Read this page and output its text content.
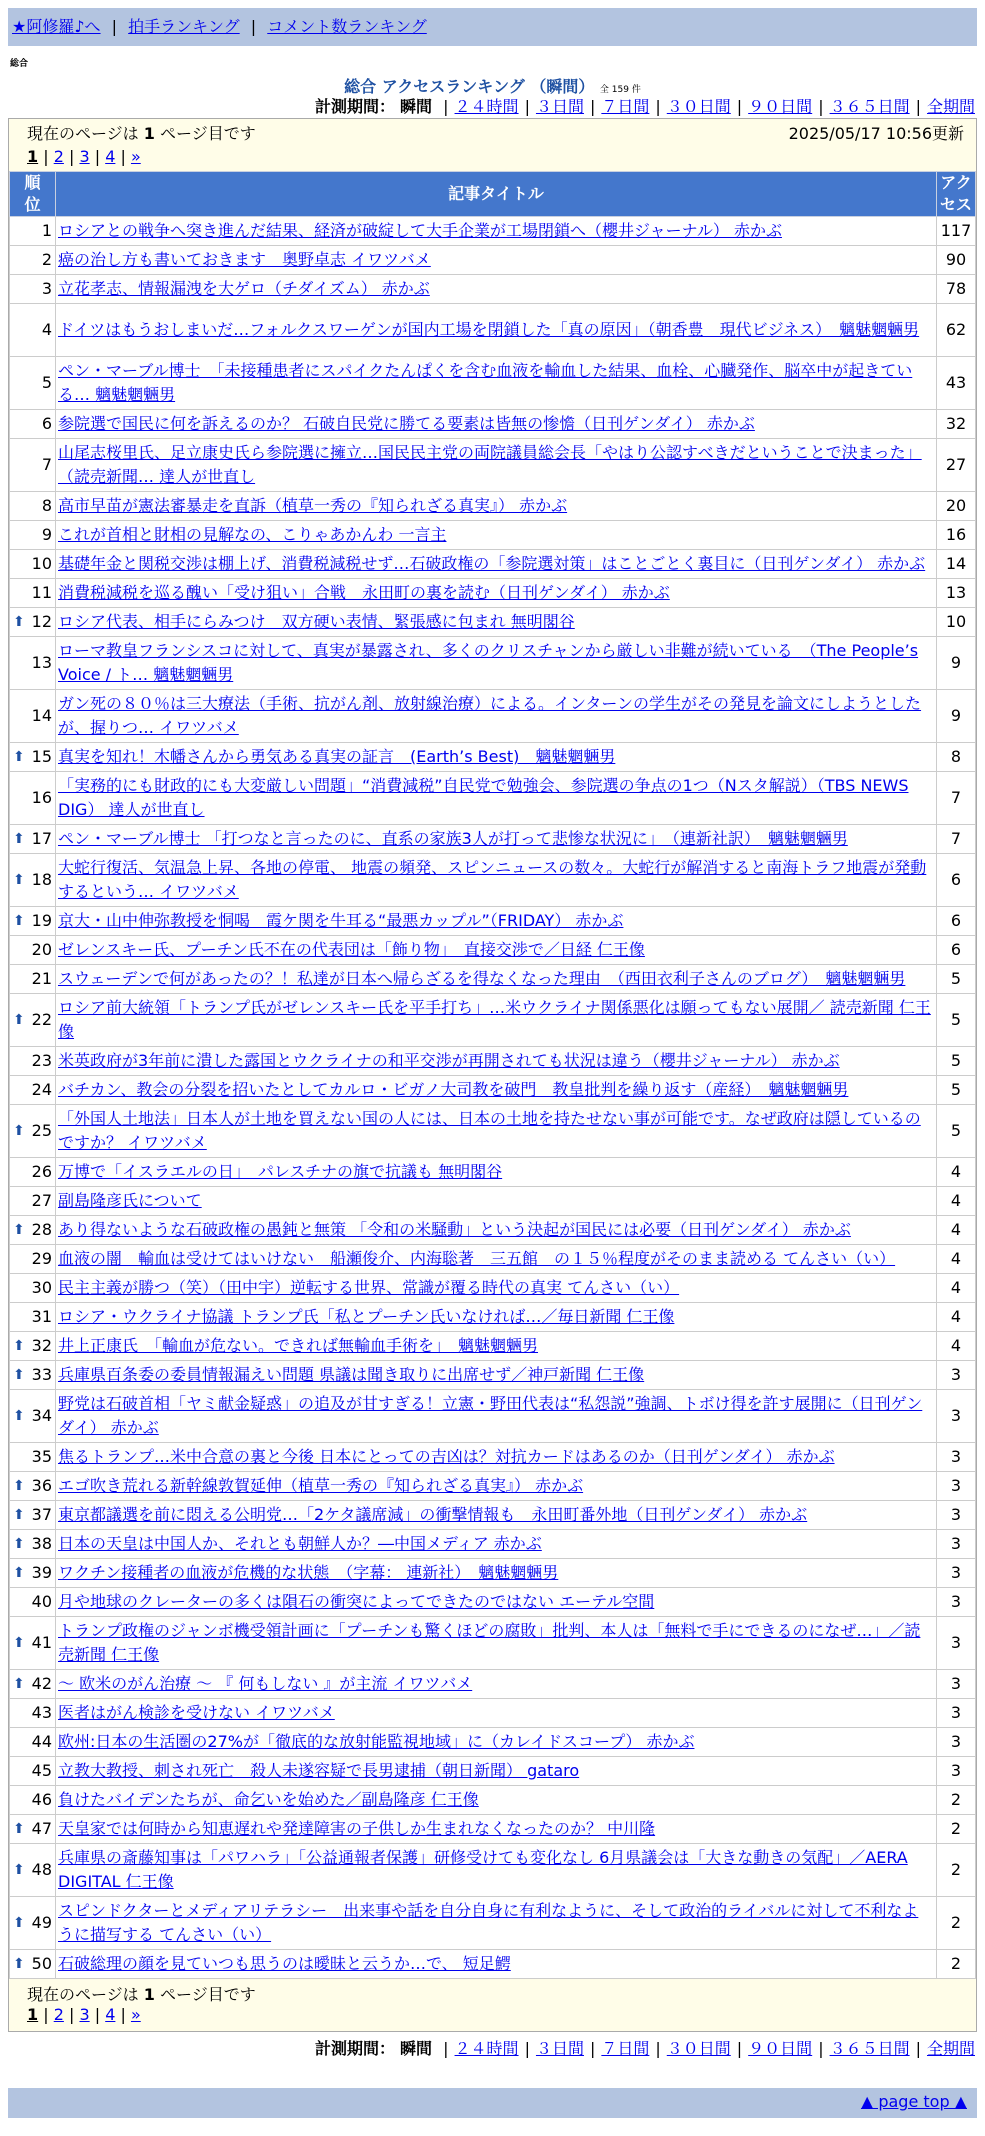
★阿修羅♪へ | 拍手ランキング | コメント数ランキング
総合
総合 アクセスランキング （瞬間） 全 159 件
計測期間： 瞬間 | ２４時間 | ３日間 | ７日間 | ３０日間 | ９０日間 | ３６５日間 | 全期間
現在のページは 1 ページ目です	2025/05/17 10:56更新
1 | 2 | 3 | 4 | »
順位	記事タイトル	アクセス
1	ロシアとの戦争へ突き進んだ結果、経済が破綻して大手企業が工場閉鎖へ（櫻井ジャーナル） 赤かぶ	117
2	癌の治し方も書いておきます　奥野卓志 イワツバメ	90
3	立花孝志、情報漏洩を大ゲロ（チダイズム） 赤かぶ	78
4	ドイツはもうおしまいだ…フォルクスワーゲンが国内工場を閉鎖した「真の原因」（朝香豊　現代ビジネス）　魑魅魍魎男	62
5	ペン・マーブル博士　「未接種患者にスパイクたんぱくを含む血液を輸血した結果、血栓、心臓発作、脳卒中が起きている… 魑魅魍魎男	43
6	参院選で国民に何を訴えるのか？ 石破自民党に勝てる要素は皆無の惨憺（日刊ゲンダイ） 赤かぶ	32
7	山尾志桜里氏、足立康史氏ら参院選に擁立…国民民主党の両院議員総会長「やはり公認すべきだということで決まった」（読売新聞… 達人が世直し	27
8	高市早苗が憲法審暴走を直訴（植草一秀の『知られざる真実』） 赤かぶ	20
9	これが首相と財相の見解なの、こりゃあかんわ 一言主	16
10	基礎年金と関税交渉は棚上げ、消費税減税せず…石破政権の「参院選対策」はことごとく裏目に（日刊ゲンダイ） 赤かぶ	14
11	消費税減税を巡る醜い「受け狙い」合戦　永田町の裏を読む（日刊ゲンダイ） 赤かぶ	13

⬆ 12	ロシア代表、相手にらみつけ　双方硬い表情、緊張感に包まれ 無明閣谷	10
13	ローマ教皇フランシスコに対して、真実が暴露され、多くのクリスチャンから厳しい非難が続いている　（The People’s Voice / ト… 魑魅魍魎男	9
14	ガン死の８０％は三大療法（手術、抗がん剤、放射線治療）による。インターンの学生がその発見を論文にしようとしたが、握りつ… イワツバメ	9

⬆ 15	真実を知れ！木幡さんから勇気ある真実の証言　(Earth’s Best)　魑魅魍魎男	8
16	「実務的にも財政的にも大変厳しい問題」“消費減税”自民党で勉強会、参院選の争点の1つ（Nスタ解説）（TBS NEWS DIG） 達人が世直し	7

⬆ 17	ペン・マーブル博士 「打つなと言ったのに、直系の家族3人が打って悲惨な状況に」　（連新社訳）　魑魅魍魎男	7

⬆ 18	大蛇行復活、気温急上昇、各地の停電、 地震の頻発、スピンニュースの数々。大蛇行が解消すると南海トラフ地震が発動するという… イワツバメ	6

⬆ 19	京大・山中伸弥教授を恫喝　霞ケ関を牛耳る“最悪カップル”（FRIDAY） 赤かぶ	6
20	ゼレンスキー氏、プーチン氏不在の代表団は「飾り物」　直接交渉で／日経 仁王像	6
21	スウェーデンで何があったの？！私達が日本へ帰らざるを得なくなった理由　（西田衣利子さんのブログ）　魑魅魍魎男	5

⬆ 22	ロシア前大統領「トランプ氏がゼレンスキー氏を平手打ち」…米ウクライナ関係悪化は願ってもない展開／ 読売新聞 仁王像	5
23	米英政府が3年前に潰した露国とウクライナの和平交渉が再開されても状況は違う（櫻井ジャーナル） 赤かぶ	5
24	バチカン、教会の分裂を招いたとしてカルロ・ビガノ大司教を破門　教皇批判を繰り返す（産経）　魑魅魍魎男	5

⬆ 25	「外国人土地法」日本人が土地を買えない国の人には、日本の土地を持たせない事が可能です。なぜ政府は隠しているのですか？ イワツバメ	5
26	万博で「イスラエルの日」　パレスチナの旗で抗議も 無明閣谷	4
27	副島隆彦氏について	4

⬆ 28	あり得ないような石破政権の愚鈍と無策 「令和の米騒動」という決起が国民には必要（日刊ゲンダイ） 赤かぶ	4
29	血液の闇　輸血は受けてはいけない　船瀬俊介、内海聡著　三五館　の１５％程度がそのまま読める てんさい（い）	4
30	民主主義が勝つ（笑）（田中宇）逆転する世界、常識が覆る時代の真実 てんさい（い）	4
31	ロシア・ウクライナ協議 トランプ氏「私とプーチン氏いなければ…／毎日新聞 仁王像	4

⬆ 32	井上正康氏　「輸血が危ない。できれば無輸血手術を」　魑魅魍魎男	4

⬆ 33	兵庫県百条委の委員情報漏えい問題 県議は聞き取りに出席せず／神戸新聞 仁王像	3

⬆ 34	野党は石破首相「ヤミ献金疑惑」の追及が甘すぎる！立憲・野田代表は“私怨説”強調、トボけ得を許す展開に（日刊ゲンダイ） 赤かぶ	3
35	焦るトランプ…米中合意の裏と今後 日本にとっての吉凶は？対抗カードはあるのか（日刊ゲンダイ） 赤かぶ	3

⬆ 36	エゴ吹き荒れる新幹線敦賀延伸（植草一秀の『知られざる真実』） 赤かぶ	3

⬆ 37	東京都議選を前に悶える公明党…「2ケタ議席減」の衝撃情報も　永田町番外地（日刊ゲンダイ） 赤かぶ	3

⬆ 38	日本の天皇は中国人か、それとも朝鮮人か？―中国メディア 赤かぶ	3

⬆ 39	ワクチン接種者の血液が危機的な状態　（字幕： 連新社）　魑魅魍魎男	3
40	月や地球のクレーターの多くは隕石の衝突によってできたのではない エーテル空間	3

⬆ 41	トランプ政権のジャンボ機受領計画に「プーチンも驚くほどの腐敗」批判、本人は「無料で手にできるのになぜ…」／読売新聞 仁王像	3

⬆ 42	～ 欧米のがん治療 ～ 『 何もしない 』が主流 イワツバメ	3
43	医者はがん検診を受けない イワツバメ	3
44	欧州:日本の生活圏の27%が「徹底的な放射能監視地域」に（カレイドスコープ） 赤かぶ	3
45	立教大教授、刺され死亡　殺人未遂容疑で長男逮捕（朝日新聞） gataro	3
46	負けたバイデンたちが、命乞いを始めた／副島隆彦 仁王像	2

⬆ 47	天皇家では何時から知恵遅れや発達障害の子供しか生まれなくなったのか？ 中川隆	2

⬆ 48	兵庫県の斎藤知事は「パワハラ」「公益通報者保護」研修受けても変化なし 6月県議会は「大きな動きの気配」／AERA DIGITAL 仁王像	2

⬆ 49	スピンドクターとメディアリテラシー　出来事や話を自分自身に有利なように、そして政治的ライバルに対して不利なように描写する てんさい（い）	2

⬆ 50	石破総理の顔を見ていつも思うのは曖昧と云うか…で、 短足鰐	2
現在のページは 1 ページ目です
1 | 2 | 3 | 4 | »
計測期間： 瞬間 | ２４時間 | ３日間 | ７日間 | ３０日間 | ９０日間 | ３６５日間 | 全期間
▲ page top ▲
